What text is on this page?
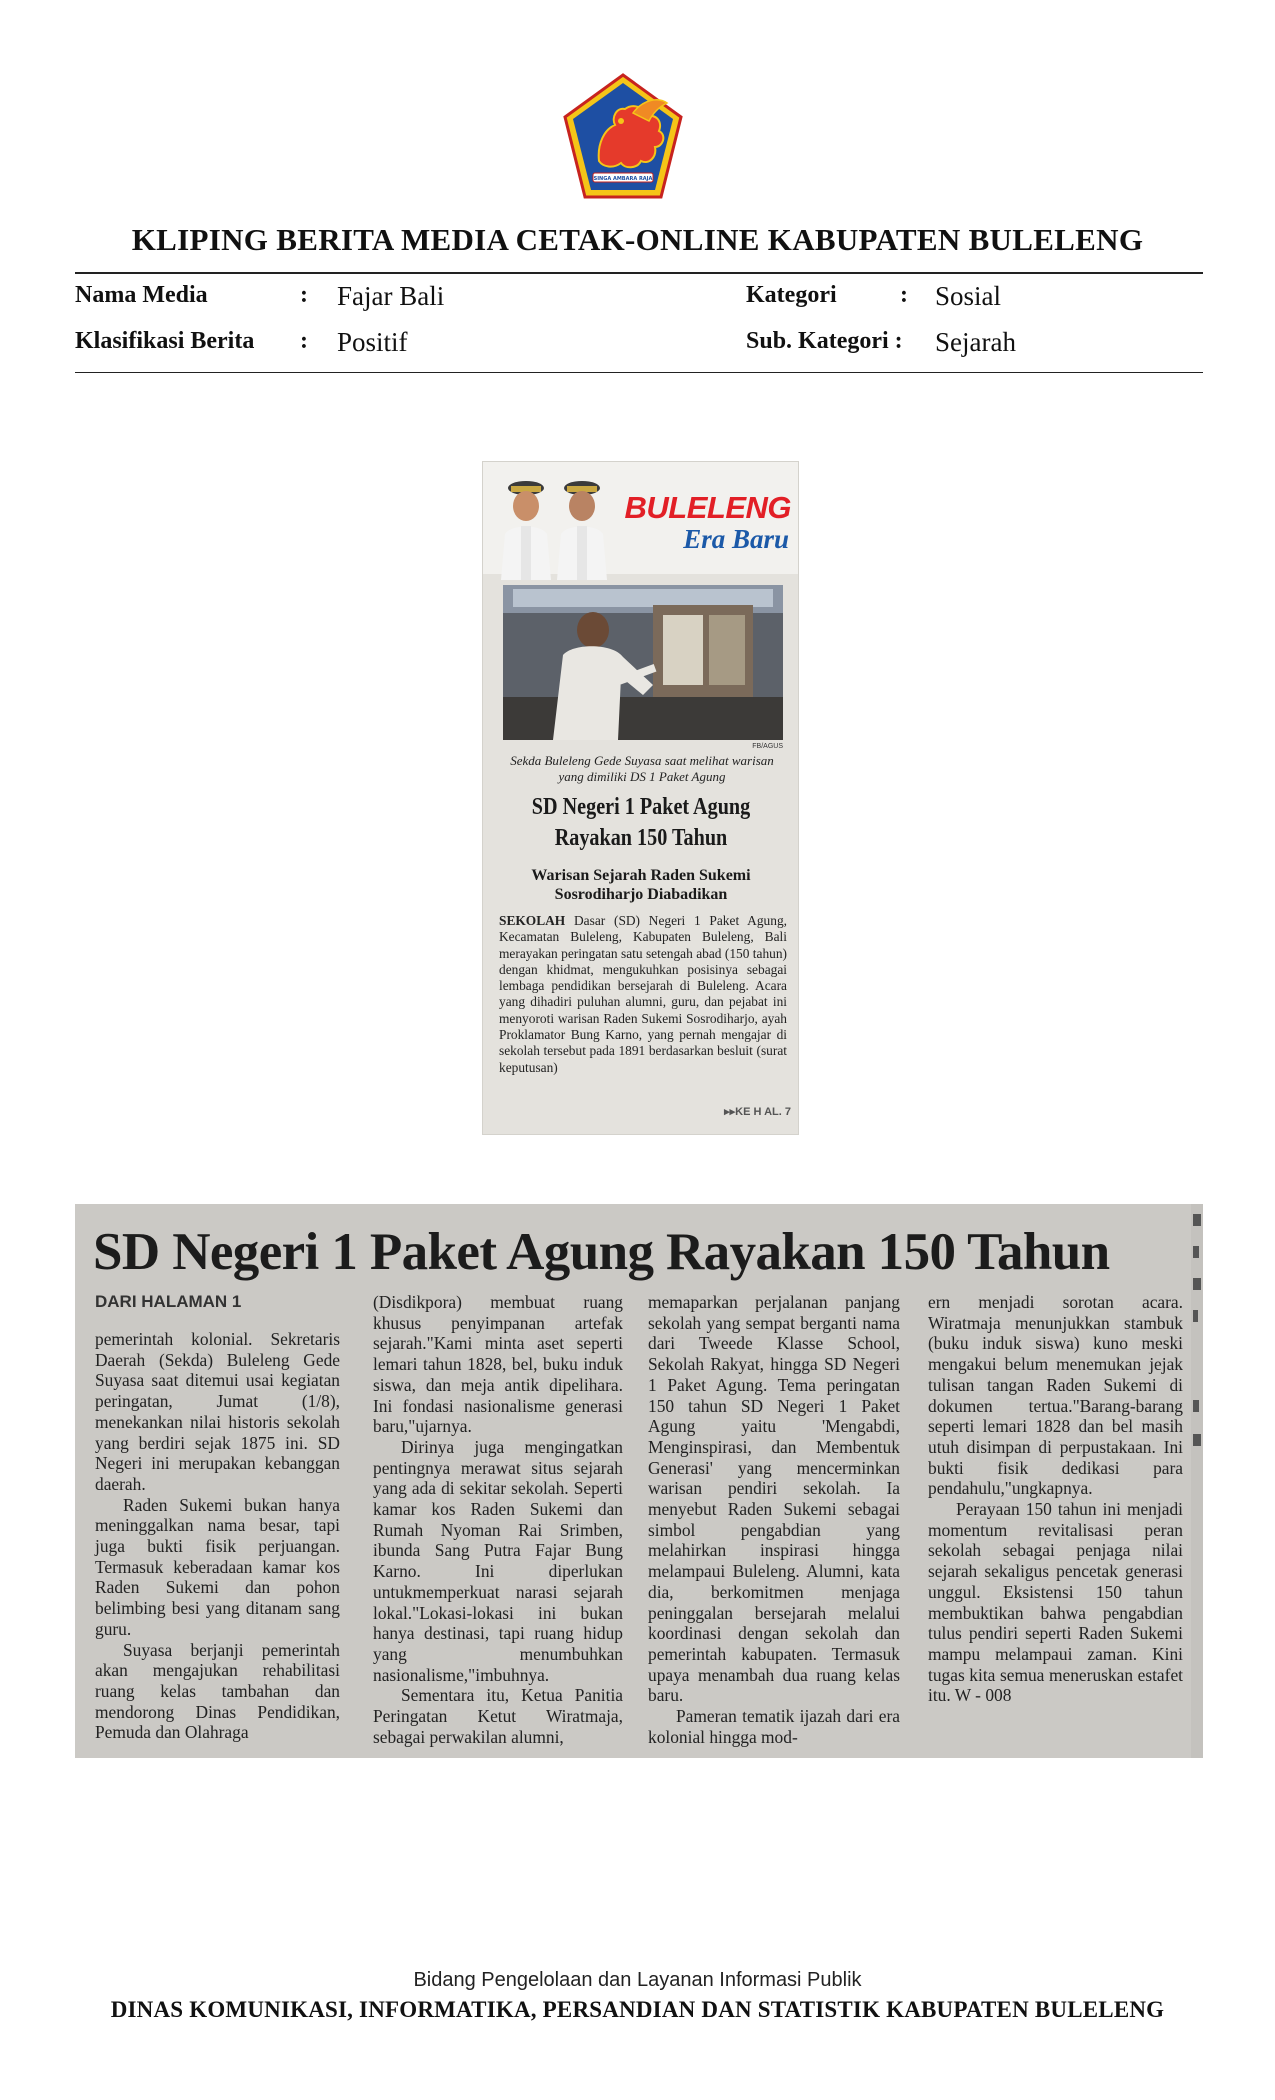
SINGA AMBARA RAJA
KLIPING BERITA MEDIA CETAK-ONLINE KABUPATEN BULELENG
Nama Media	: Fajar Bali	Kategori	: Sosial
Klasifikasi Berita : Positif	Sub. Kategori : Sejarah
BULELENG
Era Baru
FB/AGUS
Sekda Buleleng Gede Suyasa saat melihat warisan yang dimiliki DS 1 Paket Agung
SD Negeri 1 Paket Agung
Rayakan 150 Tahun
Warisan Sejarah Raden Sukemi
Sosrodiharjo Diabadikan
SEKOLAH Dasar (SD) Negeri 1 Paket Agung, Kecamatan Buleleng, Kabupaten Buleleng, Bali merayakan peringatan satu setengah abad (150 tahun) dengan khidmat, mengukuhkan posisinya sebagai lembaga pendidikan bersejarah di Buleleng. Acara yang dihadiri puluhan alumni, guru, dan pejabat ini menyoroti warisan Raden Sukemi Sosrodiharjo, ayah Proklamator Bung Karno, yang pernah mengajar di sekolah tersebut pada 1891 berdasarkan besluit (surat keputusan)
▸▸KE H AL. 7
SD Negeri 1 Paket Agung Rayakan 150 Tahun
DARI HALAMAN 1

pemerintah kolonial. Sekretaris Daerah (Sekda) Buleleng Gede Suyasa saat ditemui usai kegiatan peringatan, Jumat (1/8), menekankan nilai historis sekolah yang berdiri sejak 1875 ini. SD Negeri ini merupakan kebanggan daerah.

Raden Sukemi bukan hanya meninggalkan nama besar, tapi juga bukti fisik perjuangan. Termasuk keberadaan kamar kos Raden Sukemi dan pohon belimbing besi yang ditanam sang guru.

Suyasa berjanji pemerintah akan mengajukan rehabilitasi ruang kelas tambahan dan mendorong Dinas Pendidikan, Pemuda dan Olahraga

(Disdikpora) membuat ruang khusus penyimpanan artefak sejarah."Kami minta aset seperti lemari tahun 1828, bel, buku induk siswa, dan meja antik dipelihara. Ini fondasi nasionalisme generasi baru,"ujarnya.

Dirinya juga mengingatkan pentingnya merawat situs sejarah yang ada di sekitar sekolah. Seperti kamar kos Raden Sukemi dan Rumah Nyoman Rai Srimben, ibunda Sang Putra Fajar Bung Karno. Ini diperlukan untukmemperkuat narasi sejarah lokal."Lokasi-lokasi ini bukan hanya destinasi, tapi ruang hidup yang menumbuhkan nasionalisme,"imbuhnya.

Sementara itu, Ketua Panitia Peringatan Ketut Wiratmaja, sebagai perwakilan alumni,

memaparkan perjalanan panjang sekolah yang sempat berganti nama dari Tweede Klasse School, Sekolah Rakyat, hingga SD Negeri 1 Paket Agung. Tema peringatan 150 tahun SD Negeri 1 Paket Agung yaitu 'Mengabdi, Menginspirasi, dan Membentuk Generasi' yang mencerminkan warisan pendiri sekolah. Ia menyebut Raden Sukemi sebagai simbol pengabdian yang melahirkan inspirasi hingga melampaui Buleleng. Alumni, kata dia, berkomitmen menjaga peninggalan bersejarah melalui koordinasi dengan sekolah dan pemerintah kabupaten. Termasuk upaya menambah dua ruang kelas baru.

Pameran tematik ijazah dari era kolonial hingga mod-

ern menjadi sorotan acara. Wiratmaja menunjukkan stambuk (buku induk siswa) kuno meski mengakui belum menemukan jejak tulisan tangan Raden Sukemi di dokumen tertua."Barang-barang seperti lemari 1828 dan bel masih utuh disimpan di perpustakaan. Ini bukti fisik dedikasi para pendahulu,"ungkapnya.

Perayaan 150 tahun ini menjadi momentum revitalisasi peran sekolah sebagai penjaga nilai sejarah sekaligus pencetak generasi unggul. Eksistensi 150 tahun membuktikan bahwa pengabdian tulus pendiri seperti Raden Sukemi mampu melampaui zaman. Kini tugas kita semua meneruskan estafet itu. W - 008

Bidang Pengelolaan dan Layanan Informasi Publik
DINAS KOMUNIKASI, INFORMATIKA, PERSANDIAN DAN STATISTIK KABUPATEN BULELENG
